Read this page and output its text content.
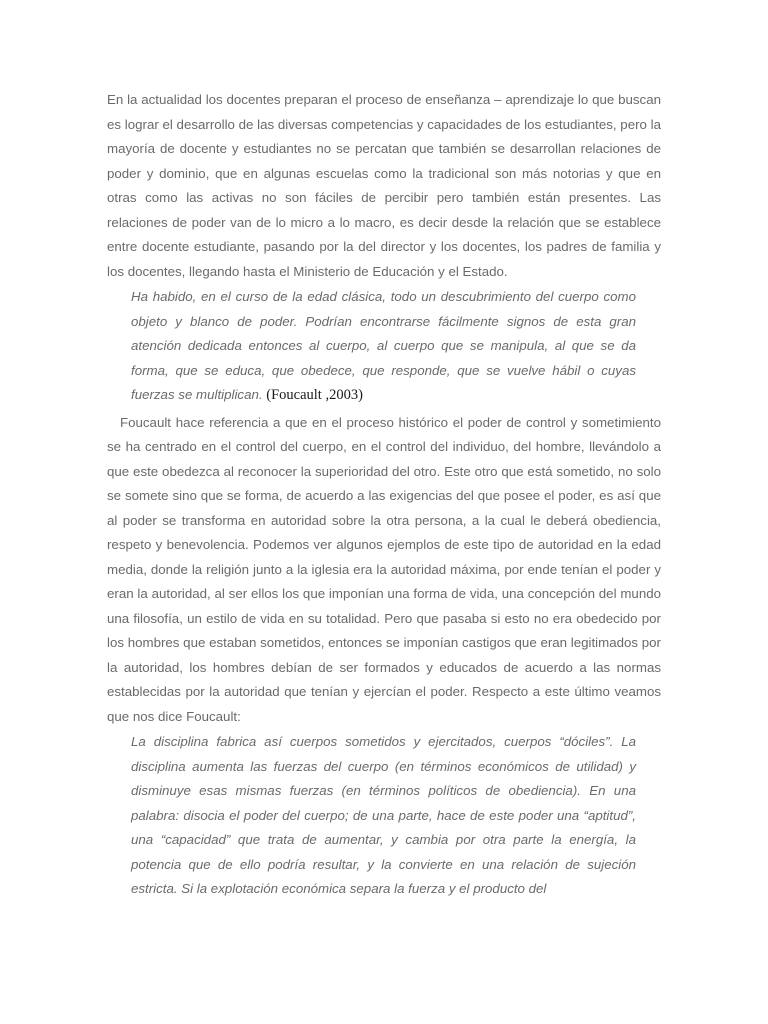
En la actualidad los docentes preparan el proceso de enseñanza – aprendizaje lo que buscan es lograr el desarrollo de las diversas competencias y capacidades de los estudiantes, pero la mayoría de docente y estudiantes no se percatan que también se desarrollan relaciones de poder y dominio, que en algunas escuelas como la tradicional son más notorias y que en otras como las activas no son fáciles de percibir pero también están presentes. Las relaciones de poder van de lo micro a lo macro, es decir desde la relación que se establece entre docente estudiante, pasando por la del director y los docentes, los padres de familia y los docentes, llegando hasta el Ministerio de Educación y el Estado.

Ha habido, en el curso de la edad clásica, todo un descubrimiento del cuerpo como objeto y blanco de poder. Podrían encontrarse fácilmente signos de esta gran atención dedicada entonces al cuerpo, al cuerpo que se manipula, al que se da forma, que se educa, que obedece, que responde, que se vuelve hábil o cuyas fuerzas se multiplican. (Foucault ,2003)

Foucault hace referencia a que en el proceso histórico el poder de control y sometimiento se ha centrado en el control del cuerpo, en el control del individuo, del hombre, llevándolo a que este obedezca al reconocer la superioridad del otro. Este otro que está sometido, no solo se somete sino que se forma, de acuerdo a las exigencias del que posee el poder, es así que al poder se transforma en autoridad sobre la otra persona, a la cual le deberá obediencia, respeto y benevolencia. Podemos ver algunos ejemplos de este tipo de autoridad en la edad media, donde la religión junto a la iglesia era la autoridad máxima, por ende tenían el poder y eran la autoridad, al ser ellos los que imponían una forma de vida, una concepción del mundo una filosofía, un estilo de vida en su totalidad. Pero que pasaba si esto no era obedecido por los hombres que estaban sometidos, entonces se imponían castigos que eran legitimados por la autoridad, los hombres debían de ser formados y educados de acuerdo a las normas establecidas por la autoridad que tenían y ejercían el poder. Respecto a este último veamos que nos dice Foucault:

La disciplina fabrica así cuerpos sometidos y ejercitados, cuerpos “dóciles”. La disciplina aumenta las fuerzas del cuerpo (en términos económicos de utilidad) y disminuye esas mismas fuerzas (en términos políticos de obediencia). En una palabra: disocia el poder del cuerpo; de una parte, hace de este poder una “aptitud”, una “capacidad” que trata de aumentar, y cambia por otra parte la energía, la potencia que de ello podría resultar, y la convierte en una relación de sujeción estricta. Si la explotación económica separa la fuerza y el producto del
